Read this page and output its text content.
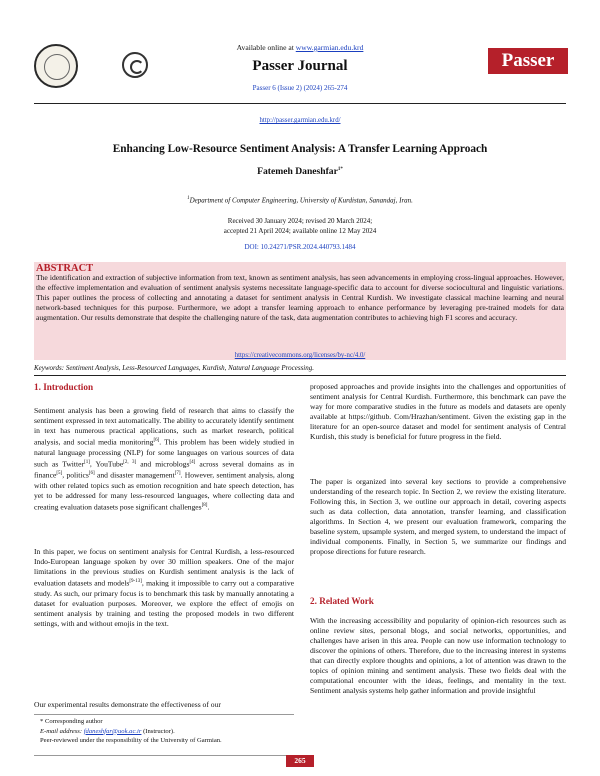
Available online at www.garmian.edu.krd
Passer Journal
Passer 6 (Issue 2) (2024) 265-274
Passer
http://passer.garmian.edu.krd/
Enhancing Low-Resource Sentiment Analysis: A Transfer Learning Approach
Fatemeh Daneshfar$^{1*}$
$^1$Department of Computer Engineering, University of Kurdistan, Sanandaj, Iran.
Received 30 January 2024; revised 20 March 2024;
accepted 21 April 2024; available online 12 May 2024
DOI: 10.24271/PSR.2024.440793.1484
ABSTRACT
The identification and extraction of subjective information from text, known as sentiment analysis, has seen advancements in employing cross-lingual approaches. However, the effective implementation and evaluation of sentiment analysis systems necessitate language-specific data to account for diverse sociocultural and linguistic variations. This paper outlines the process of collecting and annotating a dataset for sentiment analysis in Central Kurdish. We investigate classical machine learning and neural network-based techniques for this purpose. Furthermore, we adopt a transfer learning approach to enhance performance by leveraging pre-trained models for data augmentation. Our results demonstrate that despite the challenging nature of the task, data augmentation contributes to achieving high F1 scores and accuracy.
https://creativecommons.org/licenses/by-nc/4.0/
Keywords: Sentiment Analysis, Less-Resourced Languages, Kurdish, Natural Language Processing.
1. Introduction
Sentiment analysis has been a growing field of research that aims to classify the sentiment expressed in text automatically. The ability to accurately identify sentiment in text has numerous practical applications, such as market research, political analysis, and social media monitoring[6]. This problem has been widely studied in natural language processing (NLP) for some languages on various sources of data such as Twitter[1], YouTube[2, 3] and microblogs[4] across several domains as in finance[5], politics[6] and disaster management[7]. However, sentiment analysis, along with other related topics such as emotion recognition and hate speech detection, has yet to be addressed for many less-resourced languages, where collecting data and creating evaluation datasets pose significant challenges[8].
In this paper, we focus on sentiment analysis for Central Kurdish, a less-resourced Indo-European language spoken by over 30 million speakers. One of the major limitations in the previous studies on Kurdish sentiment analysis is the lack of evaluation datasets and models[9-13], making it impossible to carry out a comparative study. As such, our primary focus is to benchmark this task by manually annotating a dataset for evaluation purposes. Moreover, we explore the effect of emojis on sentiment analysis by training and testing the proposed models in two different settings, with and without emojis in the text.
Our experimental results demonstrate the effectiveness of our
* Corresponding author
E-mail address: fdaneshfar@uok.ac.ir (Instructor).
Peer-reviewed under the responsibility of the University of Garmian.
proposed approaches and provide insights into the challenges and opportunities of sentiment analysis for Central Kurdish. Furthermore, this benchmark can pave the way for more comparative studies in the future as models and datasets are openly available at https://github. Com/Hrazhan/sentiment. Given the existing gap in the literature for an open-source dataset and model for sentiment analysis of Central Kurdish, this study is beneficial for future progress in the field.
The paper is organized into several key sections to provide a comprehensive understanding of the research topic. In Section 2, we review the existing literature. Following this, in Section 3, we outline our approach in detail, covering aspects such as data collection, data annotation, transfer learning, and classification algorithms. In Section 4, we present our evaluation framework, comparing the baseline system, upsample system, and merged system, to understand the impact of individual components. Finally, in Section 5, we summarize our findings and propose directions for future research.
2. Related Work
With the increasing accessibility and popularity of opinion-rich resources such as online review sites, personal blogs, and social networks, opportunities, and challenges have arisen in this area. People can now use information technology to discover the opinions of others. Therefore, due to the increasing interest in systems that can directly explore thoughts and opinions, a lot of attention was drawn to the topics of opinion mining and sentiment analysis. These two fields deal with the computational encounter with the ideas, feelings, and mentality in the text. Sentiment analysis systems help gather information and provide insightful
265
